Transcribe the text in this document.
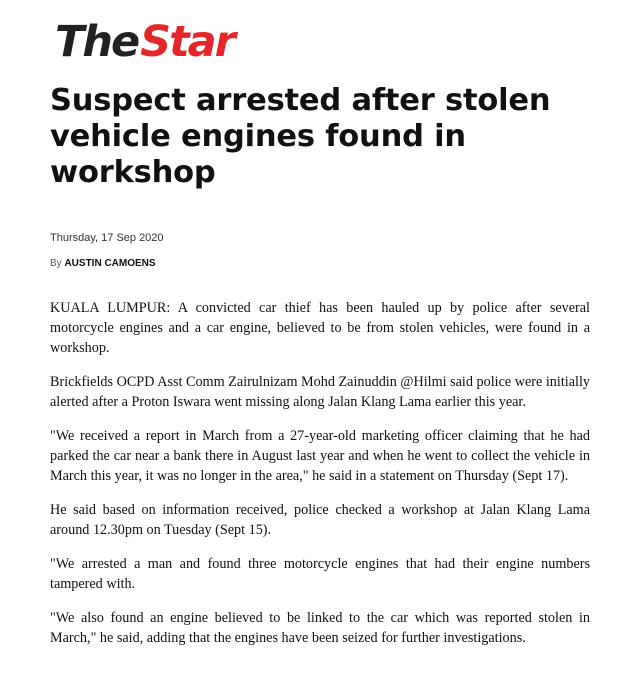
TheStar
Suspect arrested after stolen vehicle engines found in workshop
Thursday, 17 Sep 2020
By AUSTIN CAMOENS

KUALA LUMPUR: A convicted car thief has been hauled up by police after several motorcycle engines and a car engine, believed to be from stolen vehicles, were found in a workshop.

Brickfields OCPD Asst Comm Zairulnizam Mohd Zainuddin @Hilmi said police were initially alerted after a Proton Iswara went missing along Jalan Klang Lama earlier this year.

"We received a report in March from a 27-year-old marketing officer claiming that he had parked the car near a bank there in August last year and when he went to collect the vehicle in March this year, it was no longer in the area," he said in a statement on Thursday (Sept 17).

He said based on information received, police checked a workshop at Jalan Klang Lama around 12.30pm on Tuesday (Sept 15).

"We arrested a man and found three motorcycle engines that had their engine numbers tampered with.

"We also found an engine believed to be linked to the car which was reported stolen in March," he said, adding that the engines have been seized for further investigations.
